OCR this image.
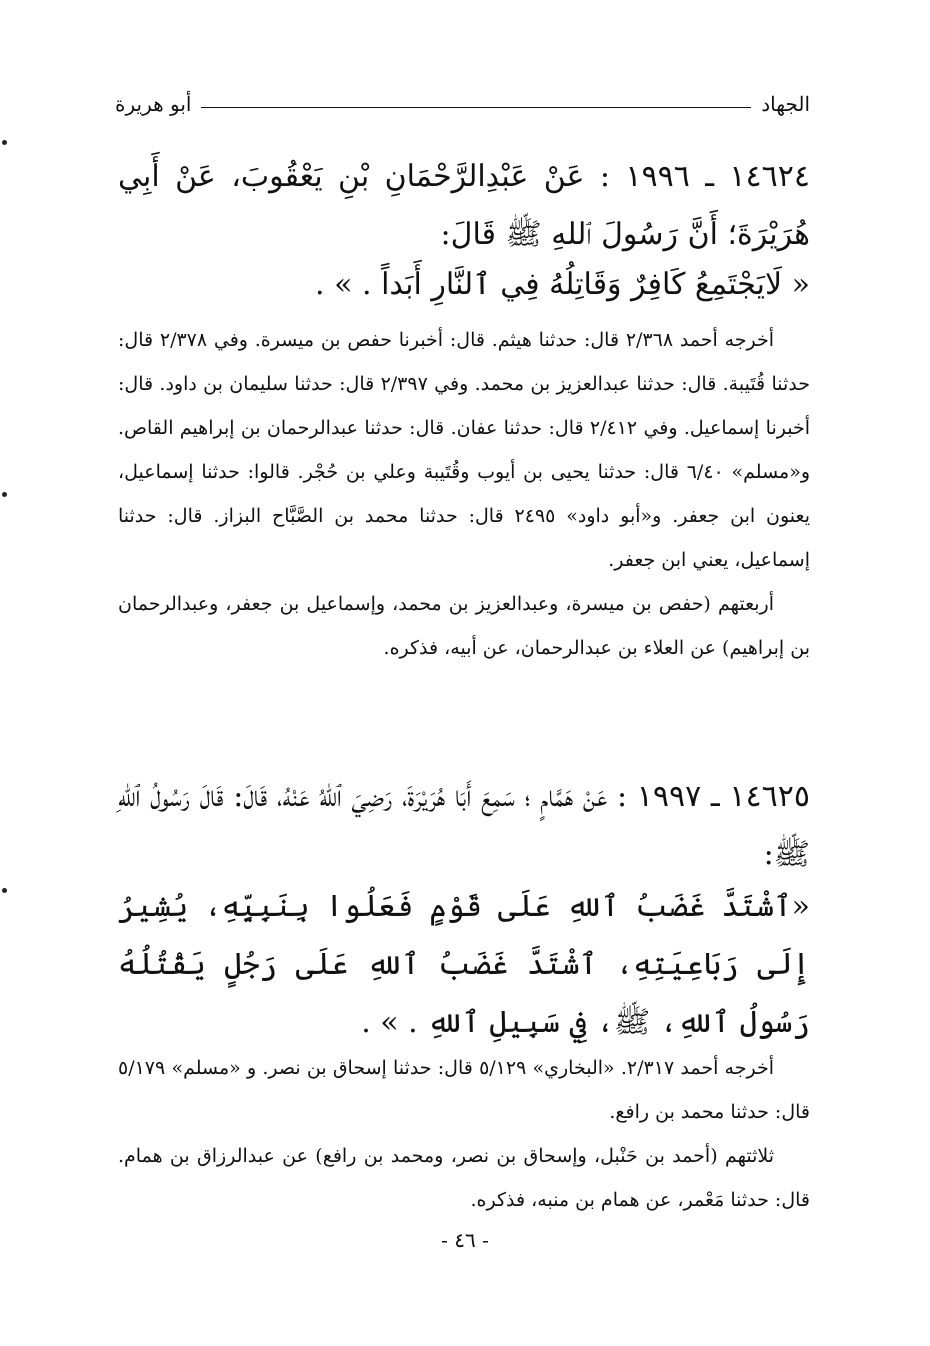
الجهاد
أبو هريرة
١٤٦٢٤ ـ ١٩٩٦ : عَنْ عَبْدِالرَّحْمَانِ بْنِ يَعْقُوبَ، عَنْ أَبِي هُرَيْرَةَ؛ أَنَّ رَسُولَ ٱللهِ ﷺ قَالَ:
« لَايَجْتَمِعُ كَافِرٌ وَقَاتِلُهُ فِي ٱلنَّارِ أَبَداً . » .

أخرجه أحمد ٢/٣٦٨ قال: حدثنا هيثم. قال: أخبرنا حفص بن ميسرة. وفي ٢/٣٧٨ قال: حدثنا قُتَيبة. قال: حدثنا عبدالعزيز بن محمد. وفي ٢/٣٩٧ قال: حدثنا سليمان بن داود. قال: أخبرنا إسماعيل. وفي ٢/٤١٢ قال: حدثنا عفان. قال: حدثنا عبدالرحمان بن إبراهيم القاص. و«مسلم» ٦/٤٠ قال: حدثنا يحيى بن أيوب وقُتَيبة وعلي بن حُجْر. قالوا: حدثنا إسماعيل، يعنون ابن جعفر. و«أبو داود» ٢٤٩٥ قال: حدثنا محمد بن الصَّبَّاح البزاز. قال: حدثنا إسماعيل، يعني ابن جعفر.

أربعتهم (حفص بن ميسرة، وعبدالعزيز بن محمد، وإسماعيل بن جعفر، وعبدالرحمان بن إبراهيم) عن العلاء بن عبدالرحمان، عن أبيه، فذكره.

١٤٦٢٥ ـ ١٩٩٧ : عَنْ هَمَّامٍ ؛ سَمِعَ أَبَا هُرَيْرَةَ، رَضِيَ ٱللهُ عَنْهُ، قَالَ: قَالَ رَسُولُ ٱللهِ ﷺ:
«ٱشْتَدَّ غَضَبُ ٱللهِ عَلَى قَوْمٍ فَعَلُوا بِنَبِيِّهِ، يُشِيرُ إِلَى رَبَاعِيَتِهِ، ٱشْتَدَّ غَضَبُ ٱللهِ عَلَى رَجُلٍ يَقْتُلُهُ رَسُولُ ٱللهِ، ﷺ، فِي سَبِيلِ ٱللهِ . » .

أخرجه أحمد ٢/٣١٧. «البخاري» ٥/١٢٩ قال: حدثنا إسحاق بن نصر. و «مسلم» ٥/١٧٩ قال: حدثنا محمد بن رافع.

ثلاثتهم (أحمد بن حَنْبل، وإسحاق بن نصر، ومحمد بن رافع) عن عبدالرزاق بن همام. قال: حدثنا مَعْمر، عن همام بن منبه، فذكره.

- ٤٦ -
